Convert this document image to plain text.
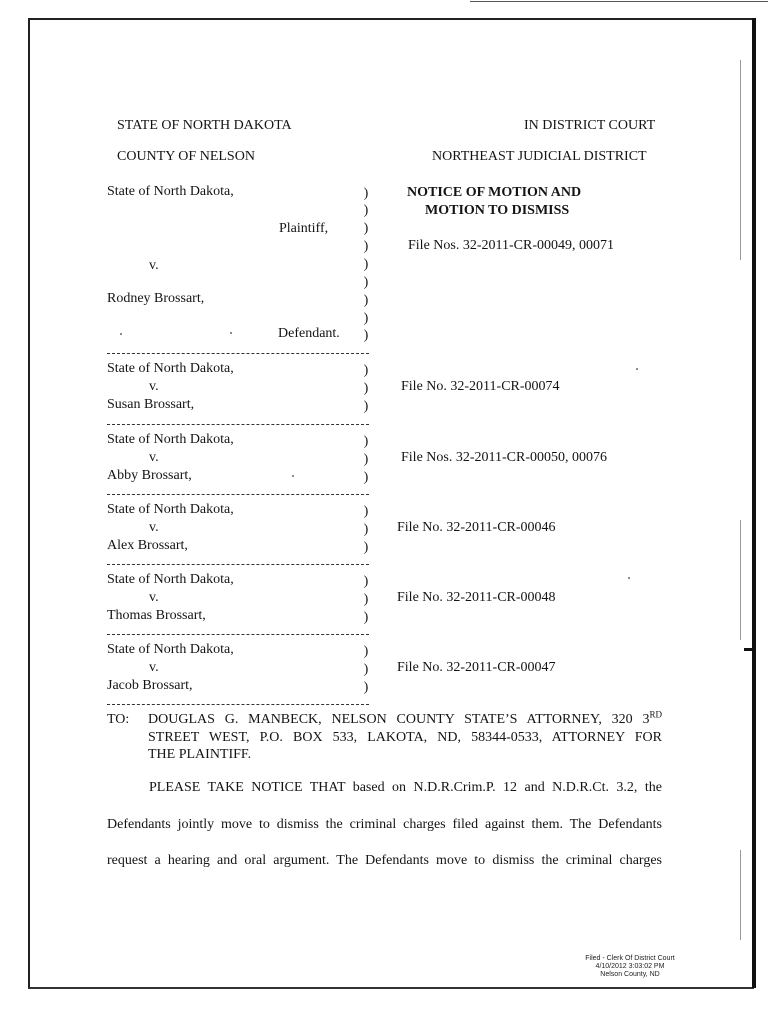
STATE OF NORTH DAKOTA
COUNTY OF NELSON
IN DISTRICT COURT
NORTHEAST JUDICIAL DISTRICT
State of North Dakota,
Plaintiff,
v.
Rodney Brossart,
Defendant.
)
)
)
)
)
)
)
)
)
NOTICE OF MOTION AND
MOTION TO DISMISS
File Nos. 32-2011-CR-00049, 00071
State of North Dakota,
v.
Susan Brossart,
)
)
)
File No. 32-2011-CR-00074
State of North Dakota,
v.
Abby Brossart,
)
)
)
File Nos. 32-2011-CR-00050, 00076
State of North Dakota,
v.
Alex Brossart,
)
)
)
File No. 32-2011-CR-00046
State of North Dakota,
v.
Thomas Brossart,
)
)
)
File No. 32-2011-CR-00048
State of North Dakota,
v.
Jacob Brossart,
)
)
)
File No. 32-2011-CR-00047
TO: DOUGLAS G. MANBECK, NELSON COUNTY STATE’S ATTORNEY, 320 3RD
STREET WEST, P.O. BOX 533, LAKOTA, ND, 58344-0533, ATTORNEY FOR
THE PLAINTIFF.
PLEASE TAKE NOTICE THAT based on N.D.R.Crim.P. 12 and N.D.R.Ct. 3.2, the
Defendants jointly move to dismiss the criminal charges filed against them. The Defendants
request a hearing and oral argument. The Defendants move to dismiss the criminal charges
Filed - Clerk Of District Court
4/10/2012 3:03:02 PM
Nelson County, ND
